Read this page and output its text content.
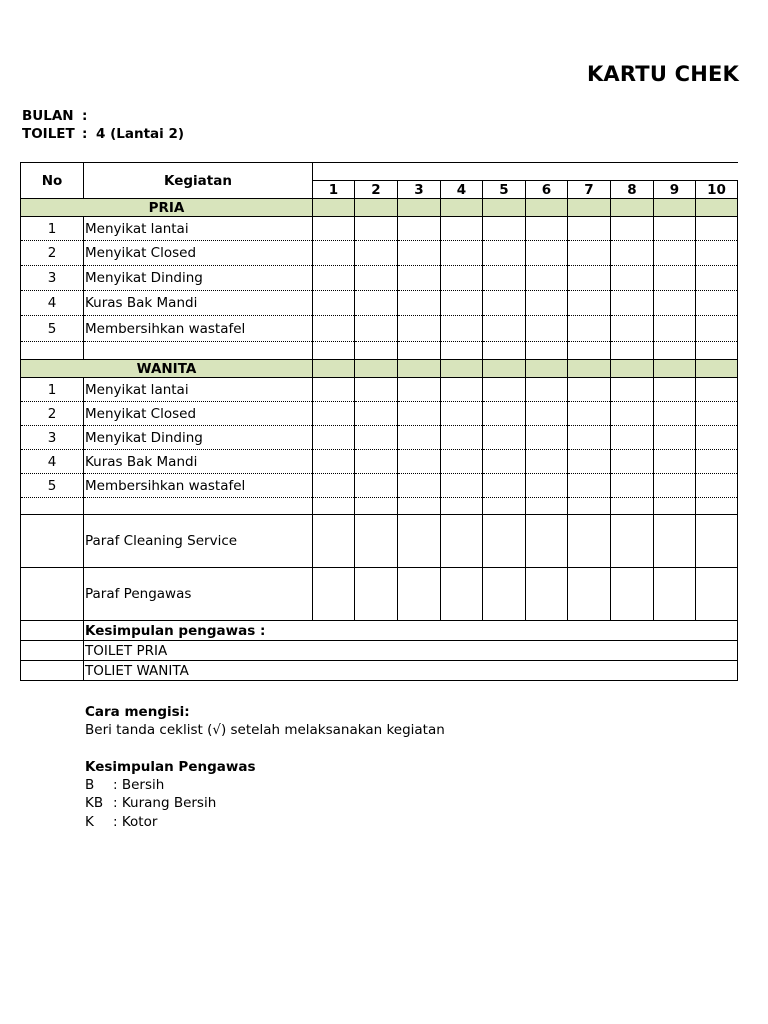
KARTU CHEK
BULAN :
TOILET : 4 (Lantai 2)
No	Kegiatan										
		1	2	3	4	5	6	7	8	9	10
PRIA											
1	Menyikat lantai										
2	Menyikat Closed										
3	Menyikat Dinding										
4	Kuras Bak Mandi										
5	Membersihkan wastafel										

WANITA											
1	Menyikat lantai										
2	Menyikat Closed										
3	Menyikat Dinding										
4	Kuras Bak Mandi										
5	Membersihkan wastafel										

	Paraf Cleaning Service										
	Paraf Pengawas										
	Kesimpulan pengawas :										
	TOILET PRIA										
	TOLIET WANITA										
Cara mengisi:
Beri tanda ceklist (√) setelah melaksanakan kegiatan
Kesimpulan Pengawas
B : Bersih
KB : Kurang Bersih
K : Kotor
